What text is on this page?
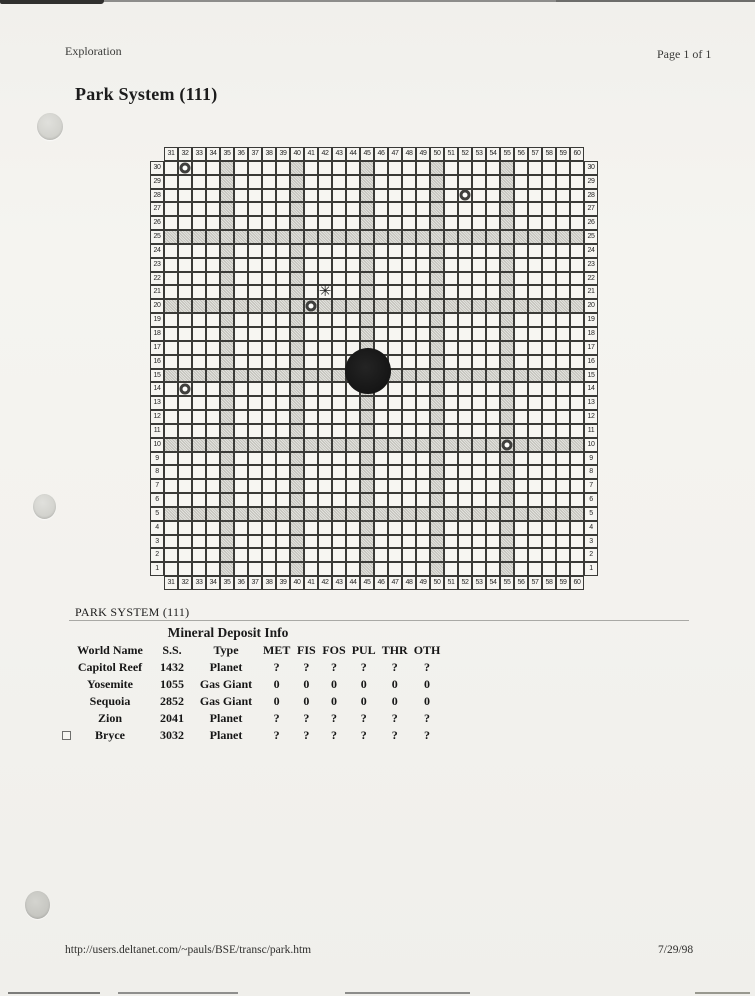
Exploration	Page 1 of 1
Park System (111)
31	32	33	34	35	36	37	38	39	40	41	42	43	44	45	46	47	48	49	50	51	52	53	54	55	56	57	58	59	60
30	30
29	29
28	28
27	27
26	26
25	25
24	24
23	23
22	22
21	21
20	20
19	19
18	18
17	17
16	16
15	15
14	14
13	13
12	12
11	11
10	10
9	9
8	8
7	7
6	6
5	5
4	4
3	3
2	2
1	1
31	32	33	34	35	36	37	38	39	40	41	42	43	44	45	46	47	48	49	50	51	52	53	54	55	56	57	58	59	60
✳
PARK SYSTEM (111)
Mineral Deposit Info
World Name	S.S.	Type	MET	FIS	FOS	PUL	THR	OTH
Capitol Reef	1432	Planet	?	?	?	?	?	?
Yosemite	1055	Gas Giant	0	0	0	0	0	0
Sequoia	2852	Gas Giant	0	0	0	0	0	0
Zion	2041	Planet	?	?	?	?	?	?
Bryce	3032	Planet	?	?	?	?	?	?
http://users.deltanet.com/~pauls/BSE/transc/park.htm	7/29/98
